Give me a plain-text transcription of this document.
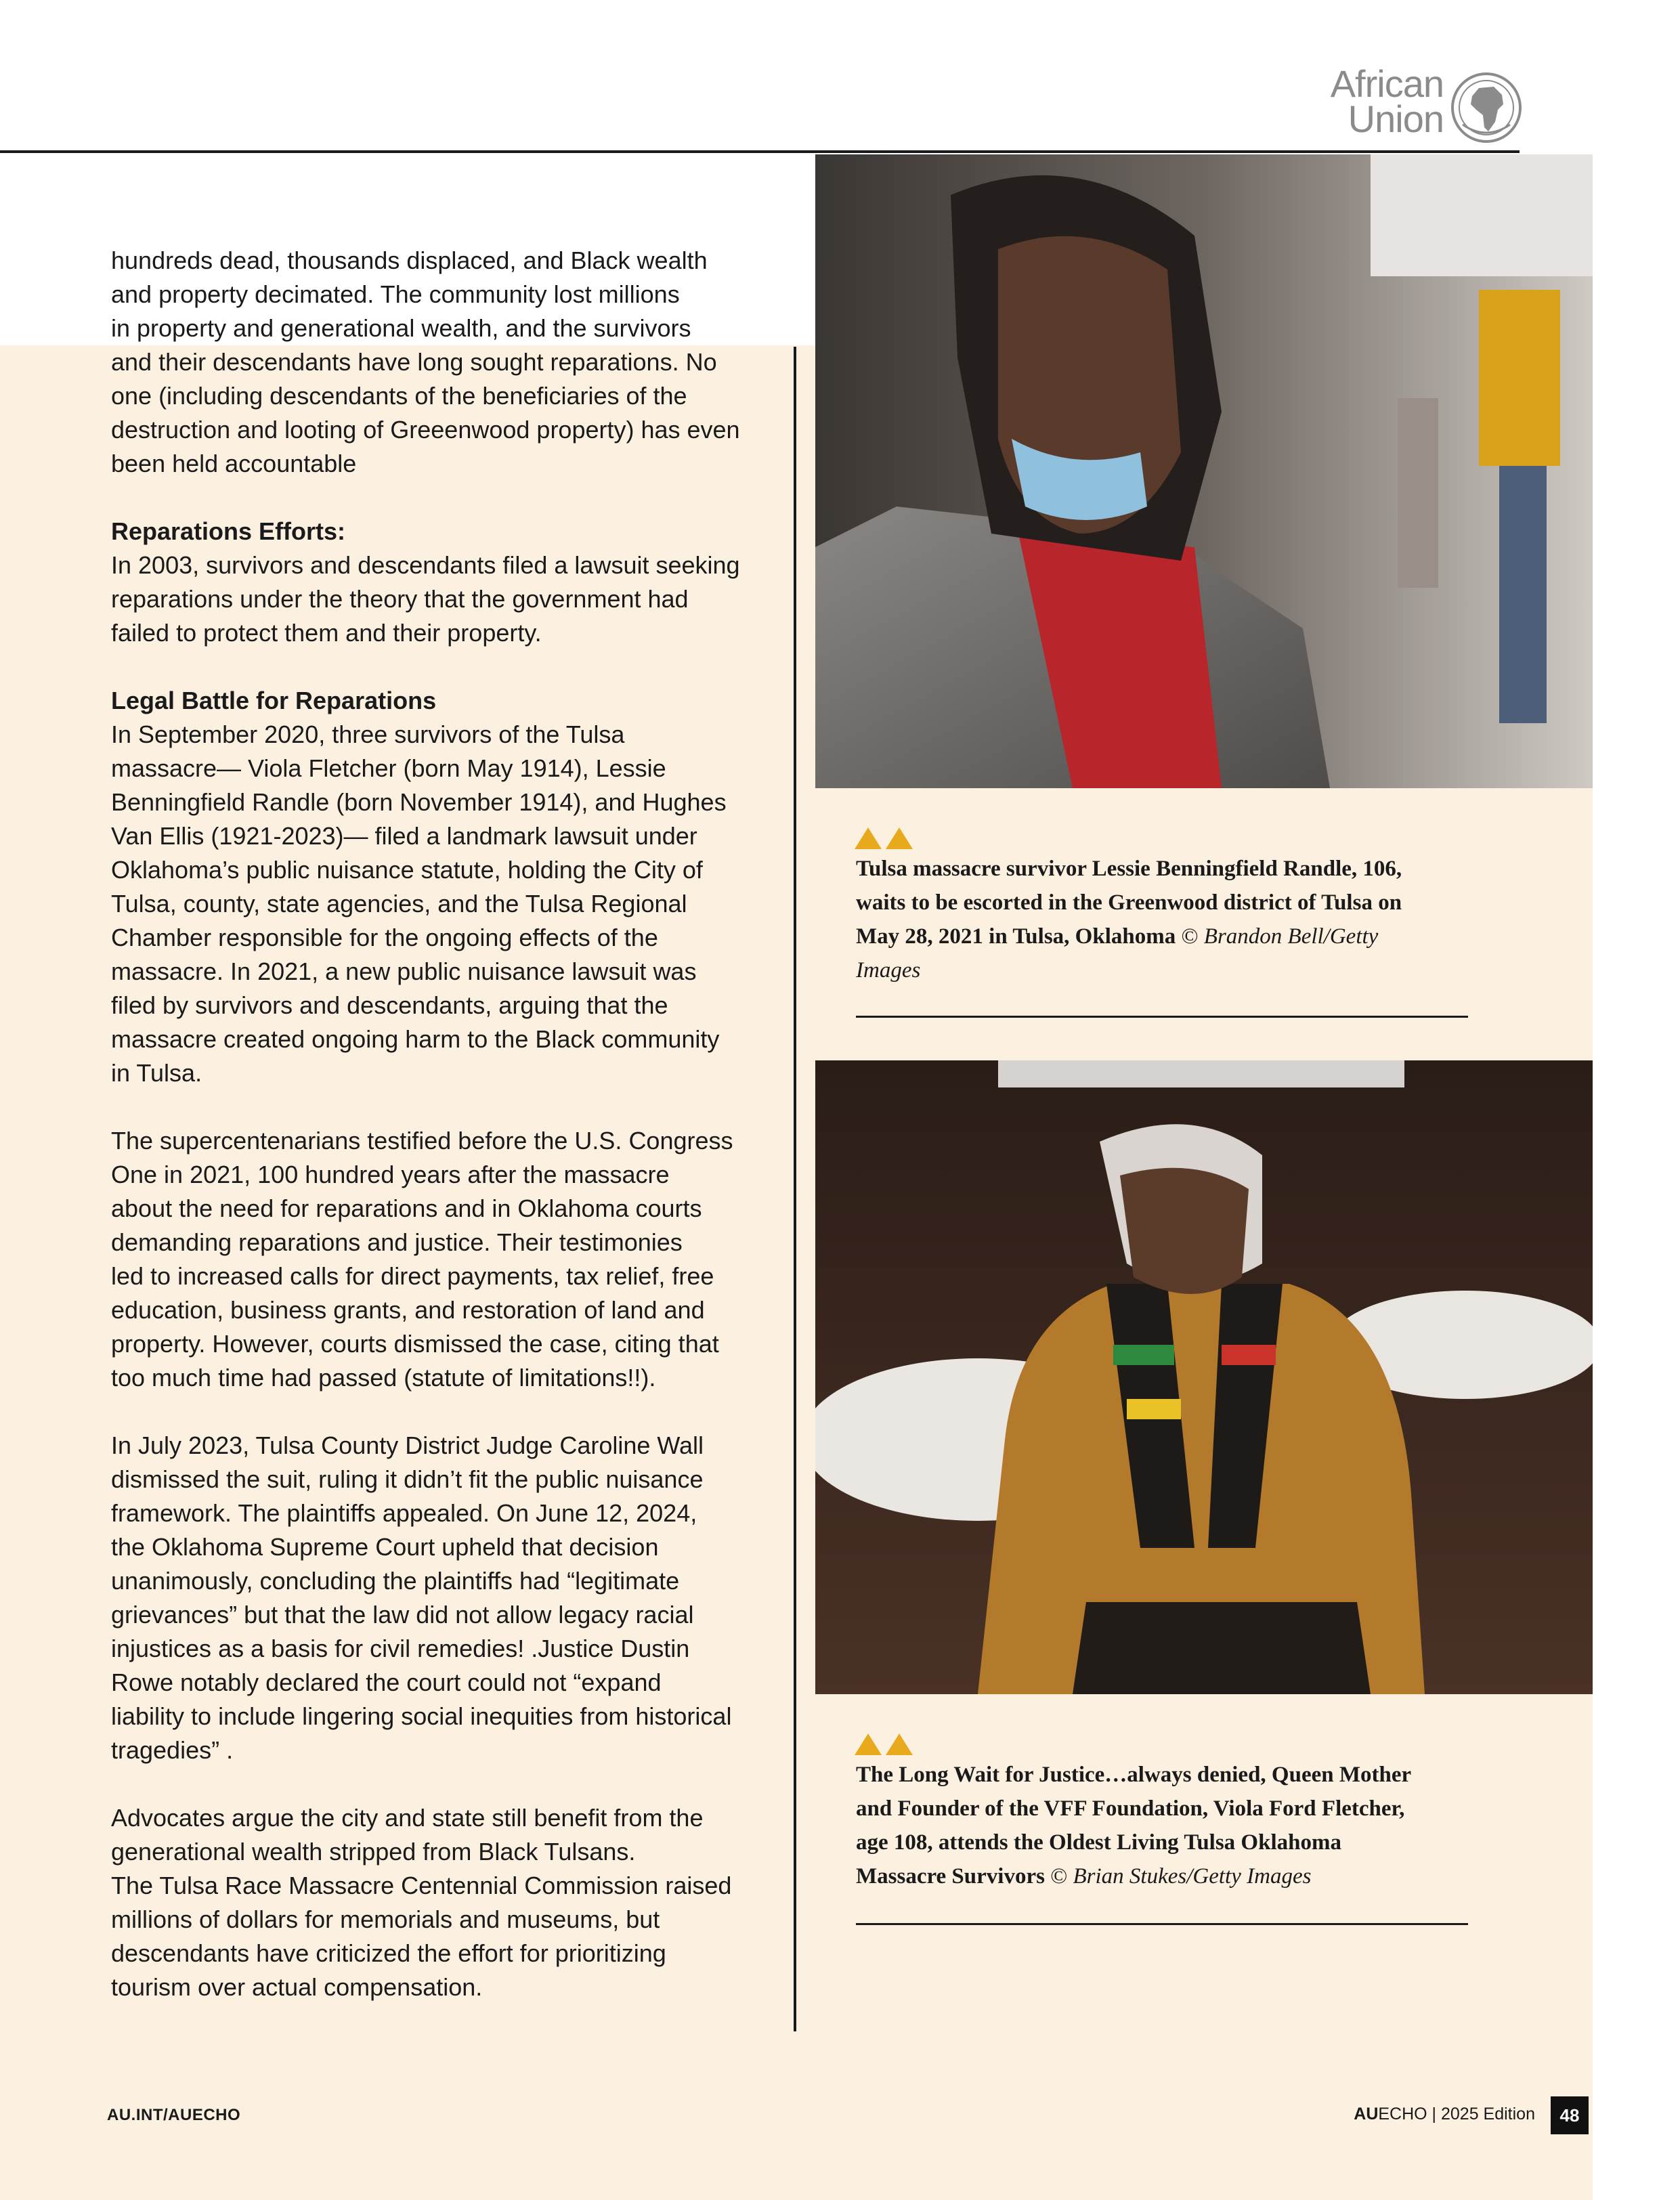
African
Union

hundreds dead, thousands displaced, and Black wealth
and property decimated. The community lost millions
in property and generational wealth, and the survivors
and their descendants have long sought reparations. No
one (including descendants of the beneficiaries of the
destruction and looting of Greeenwood property) has even
been held accountable

Reparations Efforts:

In 2003, survivors and descendants filed a lawsuit seeking
reparations under the theory that the government had
failed to protect them and their property.

Legal Battle for Reparations

In September 2020, three survivors of the Tulsa
massacre— Viola Fletcher (born May 1914), Lessie
Benningfield Randle (born November 1914), and Hughes
Van Ellis (1921-2023)— filed a landmark lawsuit under
Oklahoma’s public nuisance statute, holding the City of
Tulsa, county, state agencies, and the Tulsa Regional
Chamber responsible for the ongoing effects of the
massacre. In 2021, a new public nuisance lawsuit was
filed by survivors and descendants, arguing that the
massacre created ongoing harm to the Black community
in Tulsa.

The supercentenarians testified before the U.S. Congress
One in 2021, 100 hundred years after the massacre
about the need for reparations and in Oklahoma courts
demanding reparations and justice. Their testimonies
led to increased calls for direct payments, tax relief, free
education, business grants, and restoration of land and
property. However, courts dismissed the case, citing that
too much time had passed (statute of limitations!!).

In July 2023, Tulsa County District Judge Caroline Wall
dismissed the suit, ruling it didn’t fit the public nuisance
framework. The plaintiffs appealed. On June 12, 2024,
the Oklahoma Supreme Court upheld that decision
unanimously, concluding the plaintiffs had “legitimate
grievances” but that the law did not allow legacy racial
injustices as a basis for civil remedies! .Justice Dustin
Rowe notably declared the court could not “expand
liability to include lingering social inequities from historical
tragedies” .

Advocates argue the city and state still benefit from the
generational wealth stripped from Black Tulsans.
The Tulsa Race Massacre Centennial Commission raised
millions of dollars for memorials and museums, but
descendants have criticized the effort for prioritizing
tourism over actual compensation.

Tulsa massacre survivor Lessie Benningfield Randle, 106,
waits to be escorted in the Greenwood district of Tulsa on
May 28, 2021 in Tulsa, Oklahoma © Brandon Bell/Getty
Images
The Long Wait for Justice…always denied, Queen Mother
and Founder of the VFF Foundation, Viola Ford Fletcher,
age 108, attends the Oldest Living Tulsa Oklahoma
Massacre Survivors © Brian Stukes/Getty Images
AU.INT/AUECHO	AUECHO | 2025 Edition	48
